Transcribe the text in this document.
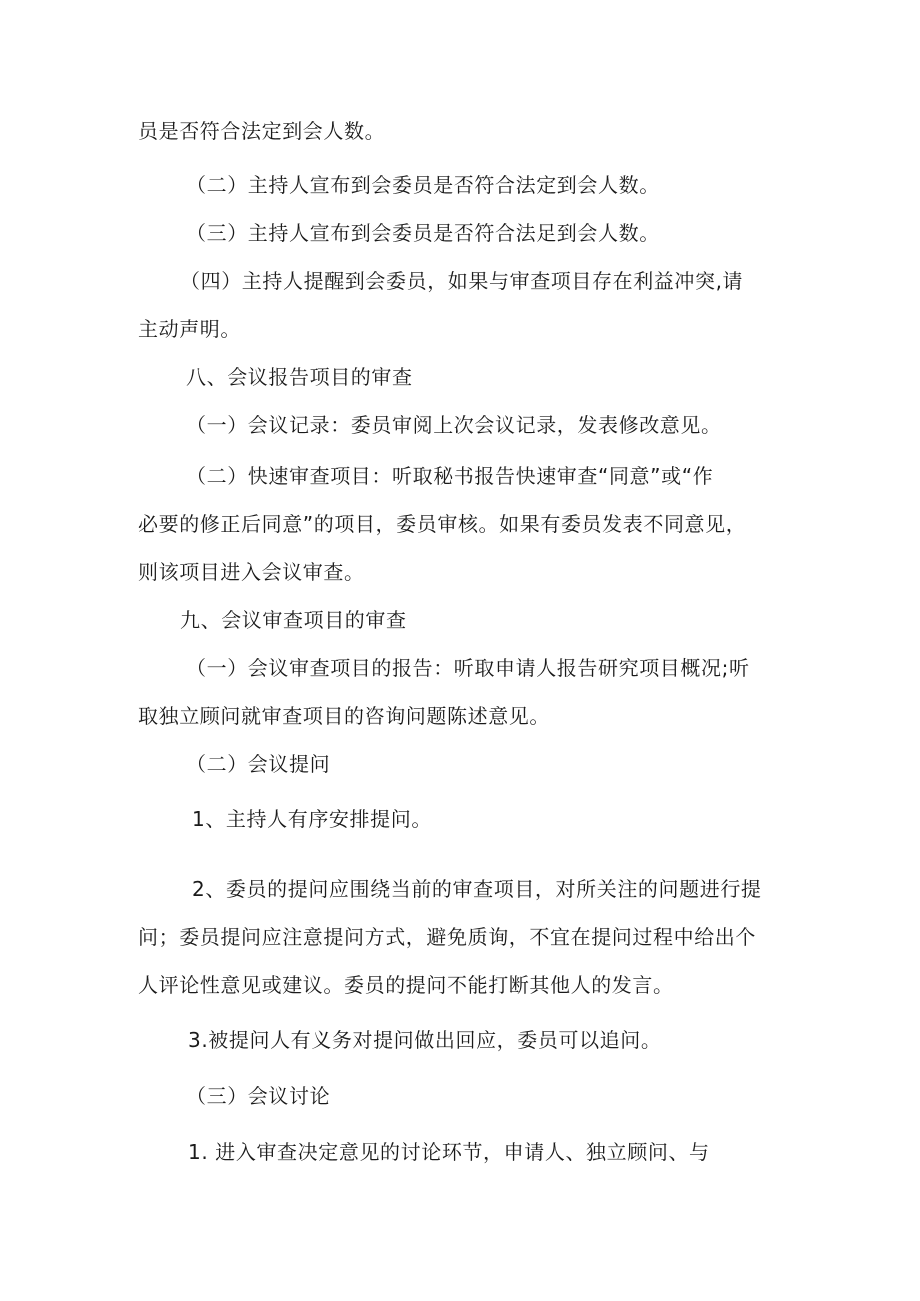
员是否符合法定到会人数。
（二）主持人宣布到会委员是否符合法定到会人数。
（三）主持人宣布到会委员是否符合法足到会人数。
（四）主持人提醒到会委员，如果与审查项目存在利益冲突,请
主动声明。
八、会议报告项目的审查
（一）会议记录：委员审阅上次会议记录，发表修改意见。
（二）快速审查项目：听取秘书报告快速审查“同意”或“作
必要的修正后同意”的项目，委员审核。如果有委员发表不同意见，
则该项目进入会议审查。
九、会议审查项目的审查
（一）会议审查项目的报告：听取申请人报告研究项目概况;听
取独立顾问就审查项目的咨询问题陈述意见。
（二）会议提问
1、主持人有序安排提问。
2、委员的提问应围绕当前的审查项目，对所关注的问题进行提
问；委员提问应注意提问方式，避免质询，不宜在提问过程中给出个
人评论性意见或建议。委员的提问不能打断其他人的发言。
3.被提问人有义务对提问做出回应，委员可以追问。
（三）会议讨论
1. 进入审查决定意见的讨论环节，申请人、独立顾问、与
